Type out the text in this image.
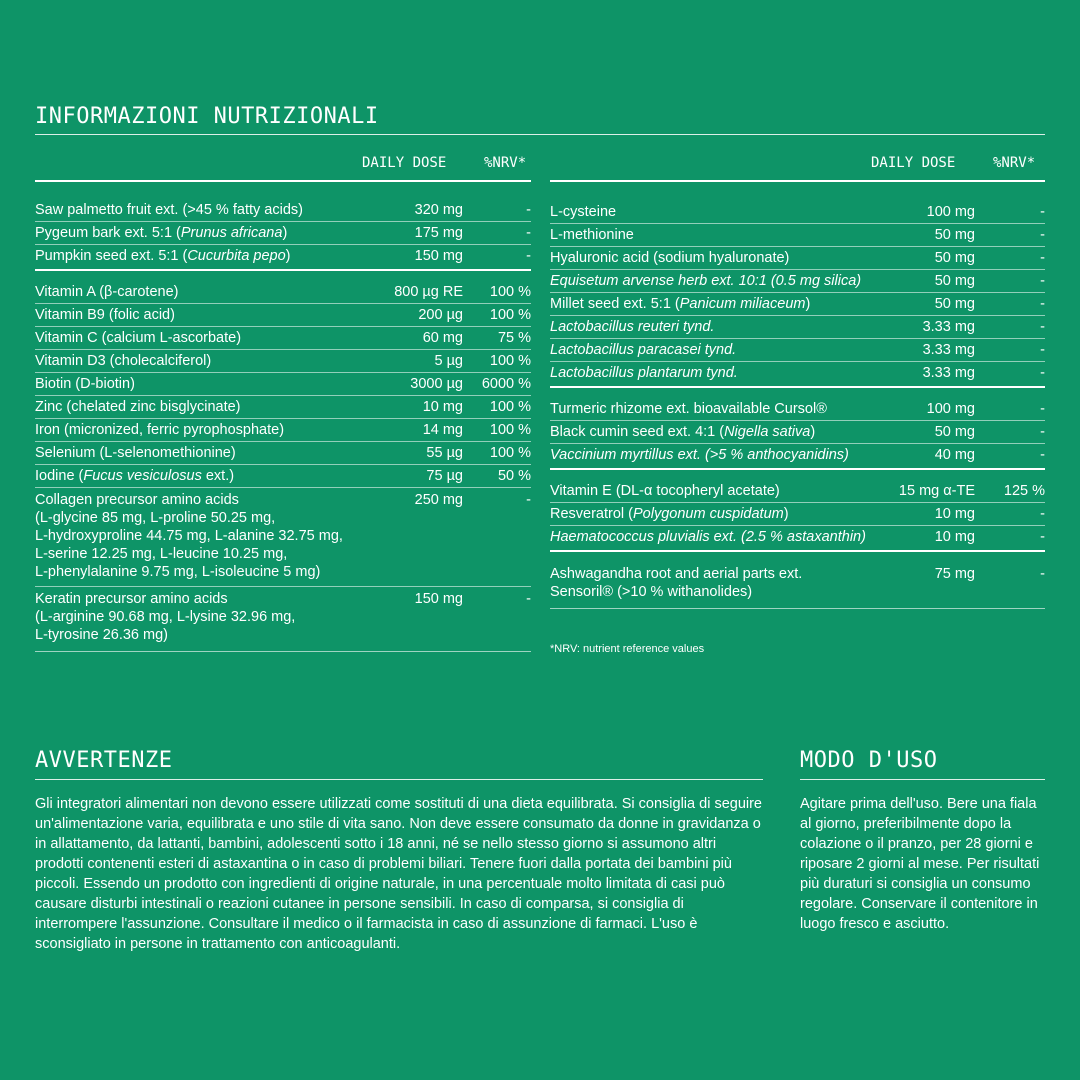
INFORMAZIONI NUTRIZIONALI
DAILY DOSE	%NRV*	DAILY DOSE	%NRV*
Saw palmetto fruit ext. (>45 % fatty acids)	320 mg	-
Pygeum bark ext. 5:1 (Prunus africana)	175 mg	-
Pumpkin seed ext. 5:1 (Cucurbita pepo)	150 mg	-
Vitamin A (β-carotene)	800 µg RE	100 %
Vitamin B9 (folic acid)	200 µg	100 %
Vitamin C (calcium L-ascorbate)	60 mg	75 %
Vitamin D3 (cholecalciferol)	5 µg	100 %
Biotin (D-biotin)	3000 µg	6000 %
Zinc (chelated zinc bisglycinate)	10 mg	100 %
Iron (micronized, ferric pyrophosphate)	14 mg	100 %
Selenium (L-selenomethionine)	55 µg	100 %
Iodine (Fucus vesiculosus ext.)	75 µg	50 %
Collagen precursor amino acids
(L-glycine 85 mg, L-proline 50.25 mg,
L-hydroxyproline 44.75 mg, L-alanine 32.75 mg,
L-serine 12.25 mg, L-leucine 10.25 mg,
L-phenylalanine 9.75 mg, L-isoleucine 5 mg)
250 mg	-
Keratin precursor amino acids
(L-arginine 90.68 mg, L-lysine 32.96 mg,
L-tyrosine 26.36 mg)
150 mg	-
L-cysteine	100 mg	-
L-methionine	50 mg	-
Hyaluronic acid (sodium hyaluronate)	50 mg	-
Equisetum arvense herb ext. 10:1 (0.5 mg silica)	50 mg	-
Millet seed ext. 5:1 (Panicum miliaceum)	50 mg	-
Lactobacillus reuteri tynd.	3.33 mg	-
Lactobacillus paracasei tynd.	3.33 mg	-
Lactobacillus plantarum tynd.	3.33 mg	-
Turmeric rhizome ext. bioavailable Cursol®	100 mg	-
Black cumin seed ext. 4:1 (Nigella sativa)	50 mg	-
Vaccinium myrtillus ext. (>5 % anthocyanidins)	40 mg	-
Vitamin E (DL-α tocopheryl acetate)	15 mg α-TE	125 %
Resveratrol (Polygonum cuspidatum)	10 mg	-
Haematococcus pluvialis ext. (2.5 % astaxanthin)	10 mg	-
Ashwagandha root and aerial parts ext.
Sensoril® (>10 % withanolides)
75 mg	-
*NRV: nutrient reference values
AVVERTENZE
Gli integratori alimentari non devono essere utilizzati come sostituti di una dieta equilibrata. Si consiglia di seguire un'alimentazione varia, equilibrata e uno stile di vita sano. Non deve essere consumato da donne in gravidanza o in allattamento, da lattanti, bambini, adolescenti sotto i 18 anni, né se nello stesso giorno si assumono altri prodotti contenenti esteri di astaxantina o in caso di problemi biliari. Tenere fuori dalla portata dei bambini più piccoli. Essendo un prodotto con ingredienti di origine naturale, in una percentuale molto limitata di casi può causare disturbi intestinali o reazioni cutanee in persone sensibili. In caso di comparsa, si consiglia di interrompere l'assunzione. Consultare il medico o il farmacista in caso di assunzione di farmaci. L'uso è sconsigliato in persone in trattamento con anticoagulanti.
MODO D'USO
Agitare prima dell'uso. Bere una fiala al giorno, preferibilmente dopo la colazione o il pranzo, per 28 giorni e riposare 2 giorni al mese. Per risultati più duraturi si consiglia un consumo regolare. Conservare il contenitore in luogo fresco e asciutto.
